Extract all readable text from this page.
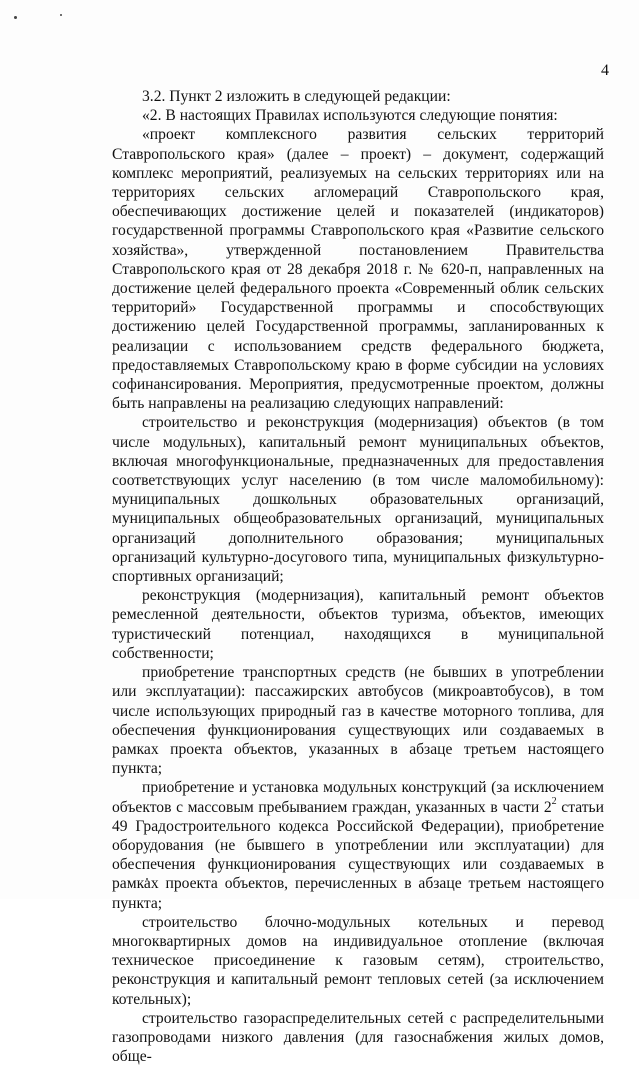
4

3.2. Пункт 2 изложить в следующей редакции:

«2. В настоящих Правилах используются следующие понятия:

«проект комплексного развития сельских территорий Ставропольского края» (далее – проект) – документ, содержащий комплекс мероприятий, реализуемых на сельских территориях или на территориях сельских агломераций Ставропольского края, обеспечивающих достижение целей и показателей (индикаторов) государственной программы Ставропольского края «Развитие сельского хозяйства», утвержденной постановлением Правительства Ставропольского края от 28 декабря 2018 г. № 620-п, направленных на достижение целей федерального проекта «Современный облик сельских территорий» Государственной программы и способствующих достижению целей Государственной программы, запланированных к реализации с использованием средств федерального бюджета, предоставляемых Ставропольскому краю в форме субсидии на условиях софинансирования. Мероприятия, предусмотренные проектом, должны быть направлены на реализацию следующих направлений:

строительство и реконструкция (модернизация) объектов (в том числе модульных), капитальный ремонт муниципальных объектов, включая многофункциональные, предназначенных для предоставления соответствующих услуг населению (в том числе маломобильному): муниципальных дошкольных образовательных организаций, муниципальных общеобразовательных организаций, муниципальных организаций дополнительного образования; муниципальных организаций культурно-досугового типа, муниципальных физкультурно-спортивных организаций;

реконструкция (модернизация), капитальный ремонт объектов ремесленной деятельности, объектов туризма, объектов, имеющих туристический потенциал, находящихся в муниципальной собственности;

приобретение транспортных средств (не бывших в употреблении или эксплуатации): пассажирских автобусов (микроавтобусов), в том числе использующих природный газ в качестве моторного топлива, для обеспечения функционирования существующих или создаваемых в рамках проекта объектов, указанных в абзаце третьем настоящего пункта;

приобретение и установка модульных конструкций (за исключением объектов с массовым пребыванием граждан, указанных в части $2^2$ статьи 49 Градостроительного кодекса Российской Федерации), приобретение оборудования (не бывшего в употреблении или эксплуатации) для обеспечения функционирования существующих или создаваемых в рамках проекта объектов, перечисленных в абзаце третьем настоящего пункта;

строительство блочно-модульных котельных и перевод многоквартирных домов на индивидуальное отопление (включая техническое присоединение к газовым сетям), строительство, реконструкция и капитальный ремонт тепловых сетей (за исключением котельных);

строительство газораспределительных сетей с распределительными газопроводами низкого давления (для газоснабжения жилых домов, обще-
